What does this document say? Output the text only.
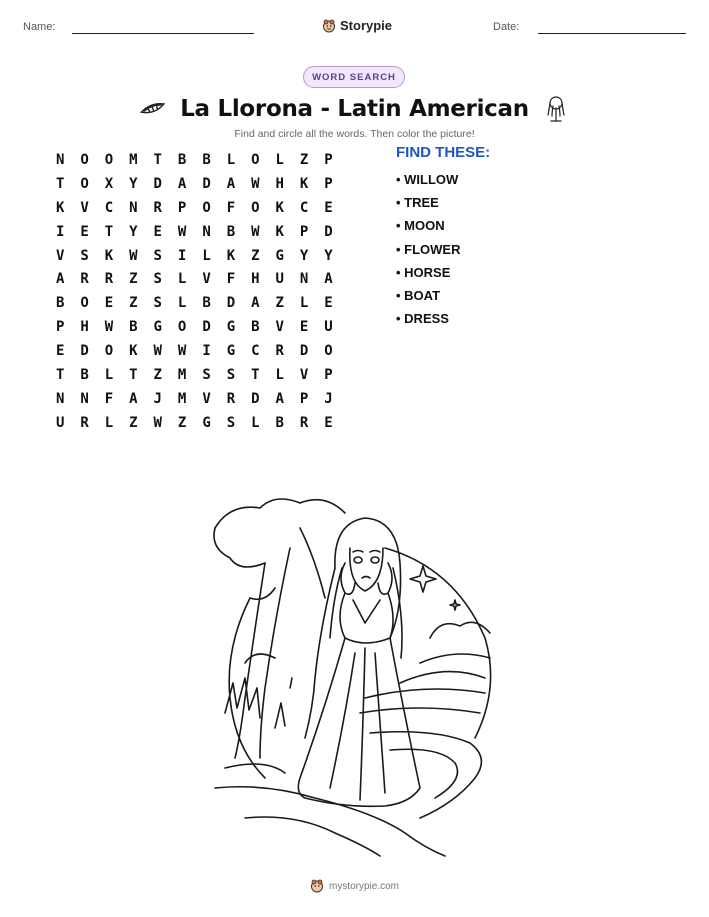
Name:	Storypie	Date:
WORD SEARCH
La Llorona - Latin American
Find and circle all the words. Then color the picture!
N	O	O	M	T	B	B	L	O	L	Z	P
T	O	X	Y	D	A	D	A	W	H	K	P
K	V	C	N	R	P	O	F	O	K	C	E
I	E	T	Y	E	W	N	B	W	K	P	D
V	S	K	W	S	I	L	K	Z	G	Y	Y
A	R	R	Z	S	L	V	F	H	U	N	A
B	O	E	Z	S	L	B	D	A	Z	L	E
P	H	W	B	G	O	D	G	B	V	E	U
E	D	O	K	W	W	I	G	C	R	D	O
T	B	L	T	Z	M	S	S	T	L	V	P
N	N	F	A	J	M	V	R	D	A	P	J
U	R	L	Z	W	Z	G	S	L	B	R	E
FIND THESE:
• WILLOW
• TREE
• MOON
• FLOWER
• HORSE
• BOAT
• DRESS
mystorypie.com
